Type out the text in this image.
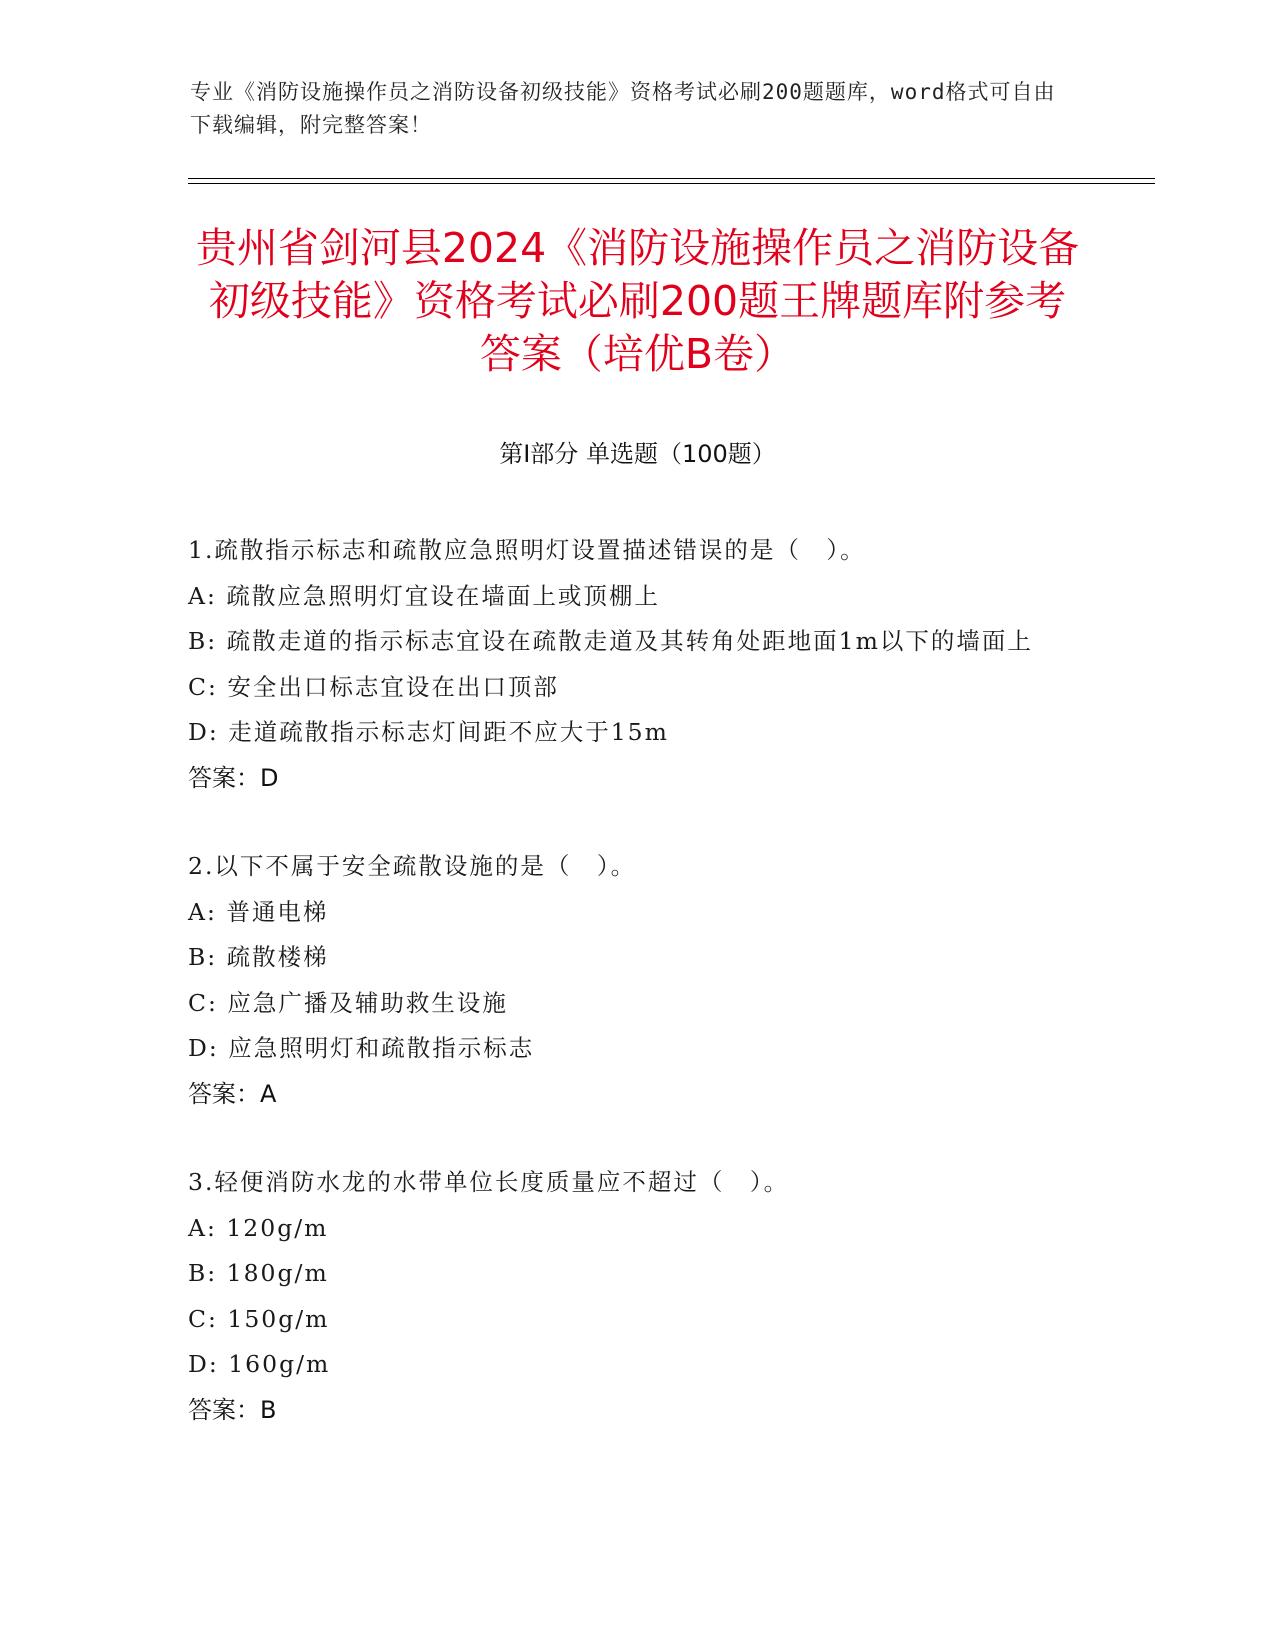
专业《消防设施操作员之消防设备初级技能》资格考试必刷200题题库，word格式可自由下载编辑，附完整答案！
贵州省剑河县2024《消防设施操作员之消防设备初级技能》资格考试必刷200题王牌题库附参考答案（培优B卷）
第Ⅰ部分 单选题（100题）

1.疏散指示标志和疏散应急照明灯设置描述错误的是（　）。

A: 疏散应急照明灯宜设在墙面上或顶棚上

B: 疏散走道的指示标志宜设在疏散走道及其转角处距地面1m以下的墙面上

C: 安全出口标志宜设在出口顶部

D: 走道疏散指示标志灯间距不应大于15m

答案：D

2.以下不属于安全疏散设施的是（　）。

A: 普通电梯

B: 疏散楼梯

C: 应急广播及辅助救生设施

D: 应急照明灯和疏散指示标志

答案：A

3.轻便消防水龙的水带单位长度质量应不超过（　）。

A: 120g/m

B: 180g/m

C: 150g/m

D: 160g/m

答案：B
